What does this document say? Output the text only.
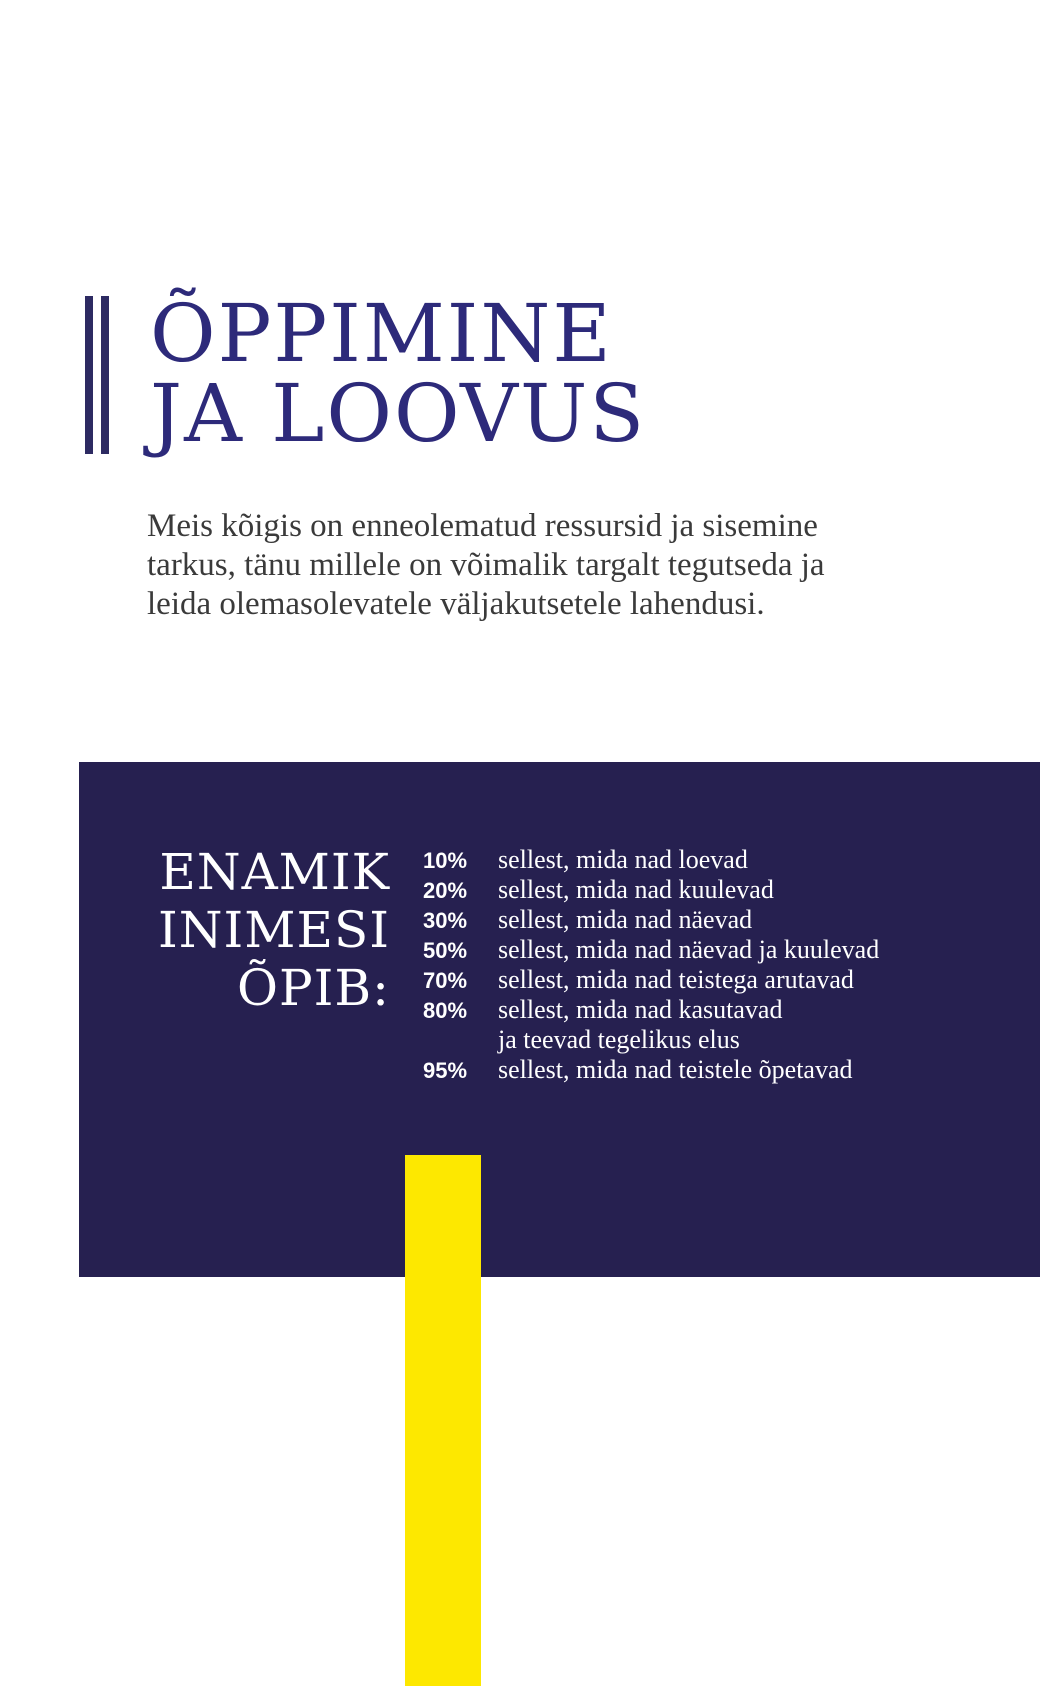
ÕPPIMINE
JA LOOVUS
Meis kõigis on enneolematud ressursid ja sisemine
tarkus, tänu millele on võimalik targalt tegutseda ja
leida olemasolevatele väljakutsetele lahendusi.
ENAMIK
INIMESI
ÕPIB:
10%	sellest, mida nad loevad
20%	sellest, mida nad kuulevad
30%	sellest, mida nad näevad
50%	sellest, mida nad näevad ja kuulevad
70%	sellest, mida nad teistega arutavad
80%	sellest, mida nad kasutavad
ja teevad tegelikus elus
95%	sellest, mida nad teistele õpetavad
